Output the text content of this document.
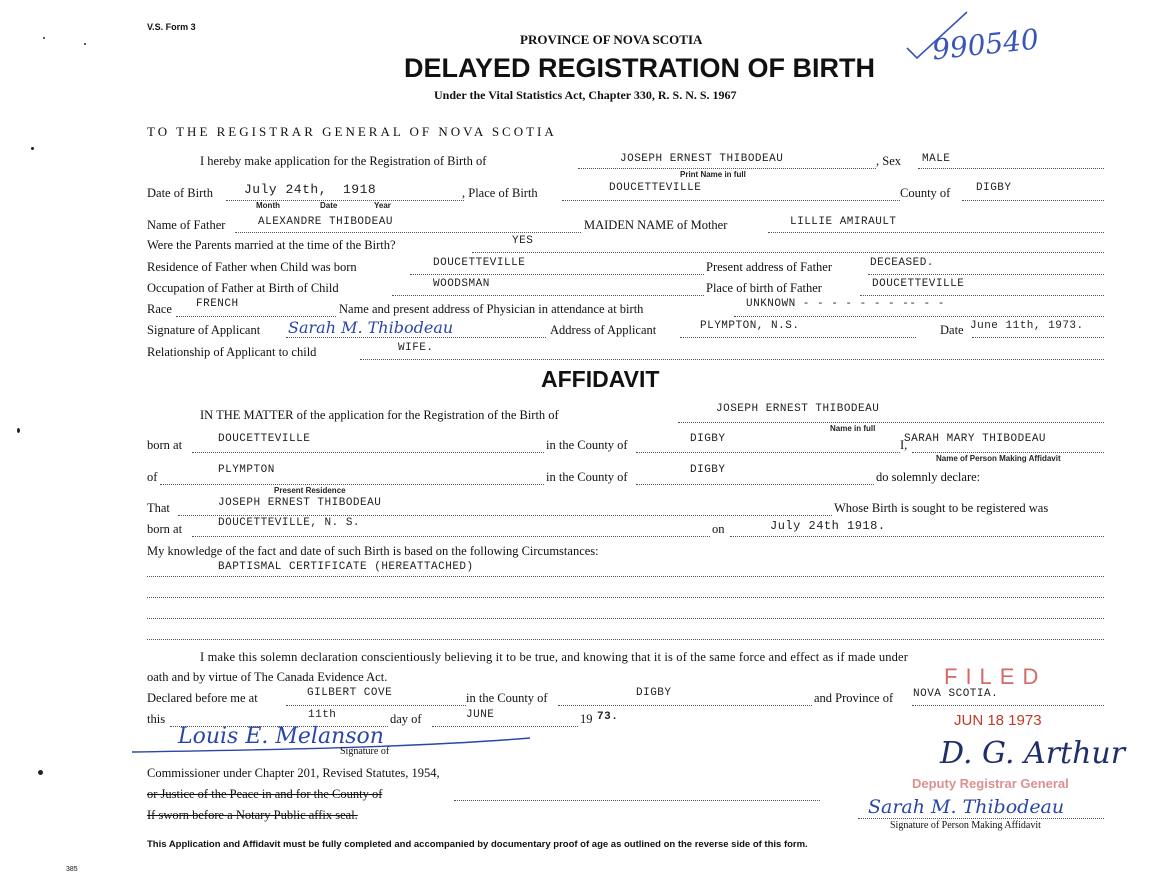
V.S. Form 3
PROVINCE OF NOVA SCOTIA
DELAYED REGISTRATION OF BIRTH
Under the Vital Statistics Act, Chapter 330, R. S. N. S. 1967
990540
TO THE REGISTRAR GENERAL OF NOVA SCOTIA
I hereby make application for the Registration of Birth of	JOSEPH ERNEST THIBODEAU	, Sex MALE
Print Name in full
Date of Birth July 24th, 1918
Month	Date	Year
, Place of Birth	DOUCETTEVILLE	County of DIGBY
Name of Father	ALEXANDRE THIBODEAU	MAIDEN NAME of Mother	LILLIE AMIRAULT
Were the Parents married at the time of the Birth?	YES
Residence of Father when Child was born	DOUCETTEVILLE	Present address of Father	DECEASED.
Occupation of Father at Birth of Child	WOODSMAN	Place of birth of Father	DOUCETTEVILLE
Race FRENCH	Name and present address of Physician in attendance at birth	UNKNOWN - - - - - - - -- - -
Signature of Applicant Sarah M. Thibodeau	Address of Applicant	PLYMPTON, N.S.	Date June 11th, 1973.
Relationship of Applicant to child	WIFE.
AFFIDAVIT
IN THE MATTER of the application for the Registration of the Birth of	JOSEPH ERNEST THIBODEAU
Name in full
born at	DOUCETTEVILLE	in the County of	DIGBY	I,
SARAH MARY THIBODEAU
Name of Person Making Affidavit
of	PLYMPTON
Present Residence
in the County of	DIGBY	do solemnly declare:
That	JOSEPH ERNEST THIBODEAU	Whose Birth is sought to be registered was
born at	DOUCETTEVILLE, N. S.	on	July 24th 1918.
My knowledge of the fact and date of such Birth is based on the following Circumstances:
BAPTISMAL CERTIFICATE (HEREATTACHED)
I make this solemn declaration conscientiously believing it to be true, and knowing that it is of the same force and effect as if made under
oath and by virtue of The Canada Evidence Act.
Declared before me at	GILBERT COVE	in the County of	DIGBY	and Province of NOVA SCOTIA.
this	11th	day of	JUNE	19 73.
Louis E. Melanson
Signature of
Commissioner under Chapter 201, Revised Statutes, 1954,
or Justice of the Peace in and for the County of
If sworn before a Notary Public affix seal.
FILED
JUN 18 1973
D. G. Arthur
Deputy Registrar General
Sarah M. Thibodeau
Signature of Person Making Affidavit
This Application and Affidavit must be fully completed and accompanied by documentary proof of age as outlined on the reverse side of this form.
385
